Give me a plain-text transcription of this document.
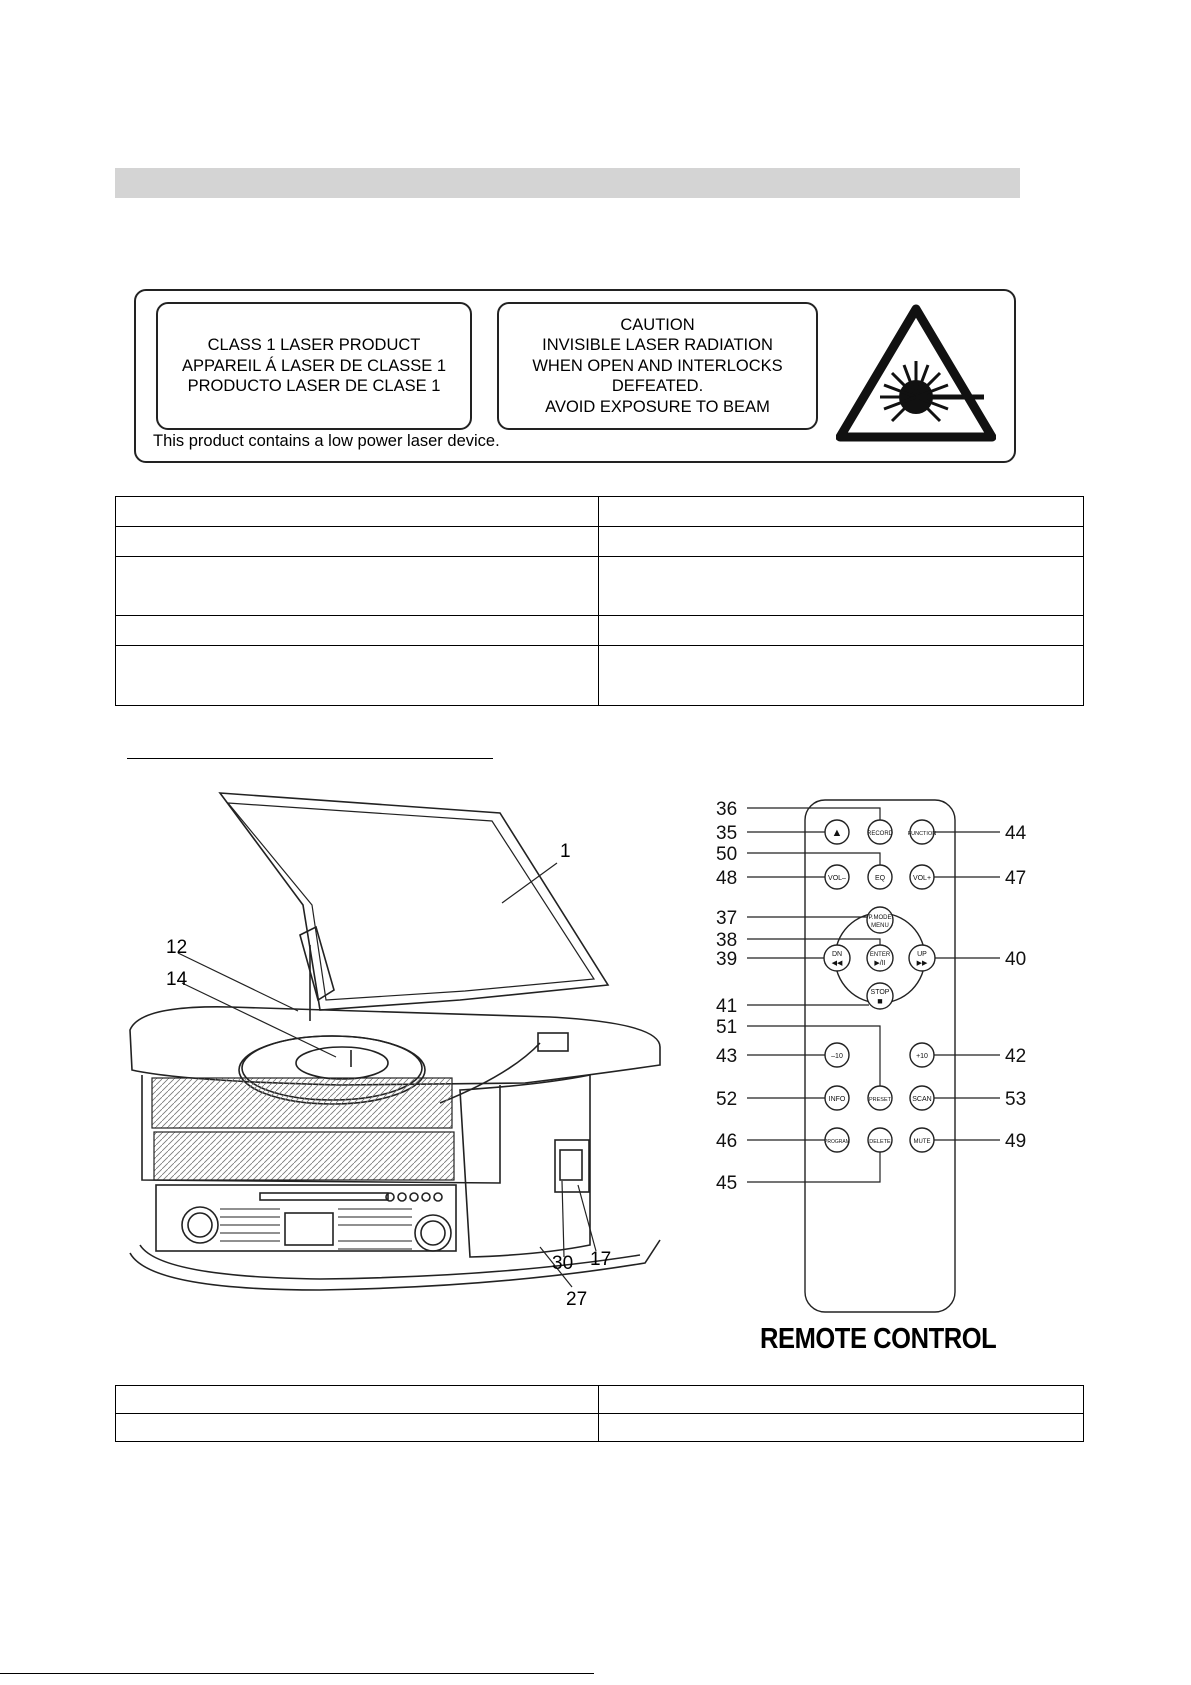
CLASS 1 LASER PRODUCT
APPAREIL Á LASER DE CLASSE 1
PRODUCTO LASER DE CLASE 1
CAUTION
INVISIBLE LASER RADIATION
WHEN OPEN AND INTERLOCKS
DEFEATED.
AVOID EXPOSURE TO BEAM
This product contains a low power laser device.

1
12
14
17
27
30
▲	RECORD	FUNCTION
VOL–	EQ	VOL+
P.MODE
MENU
DN
◀◀
ENTER
▶/II
UP
▶▶
STOP
■
–10	+10
INFO	PRESET	SCAN
PROGRAM	DELETE	MUTE
36
35
50
48
37
38
39
41
51
43
52
46
45
44
47
40
42
53
49
REMOTE CONTROL
